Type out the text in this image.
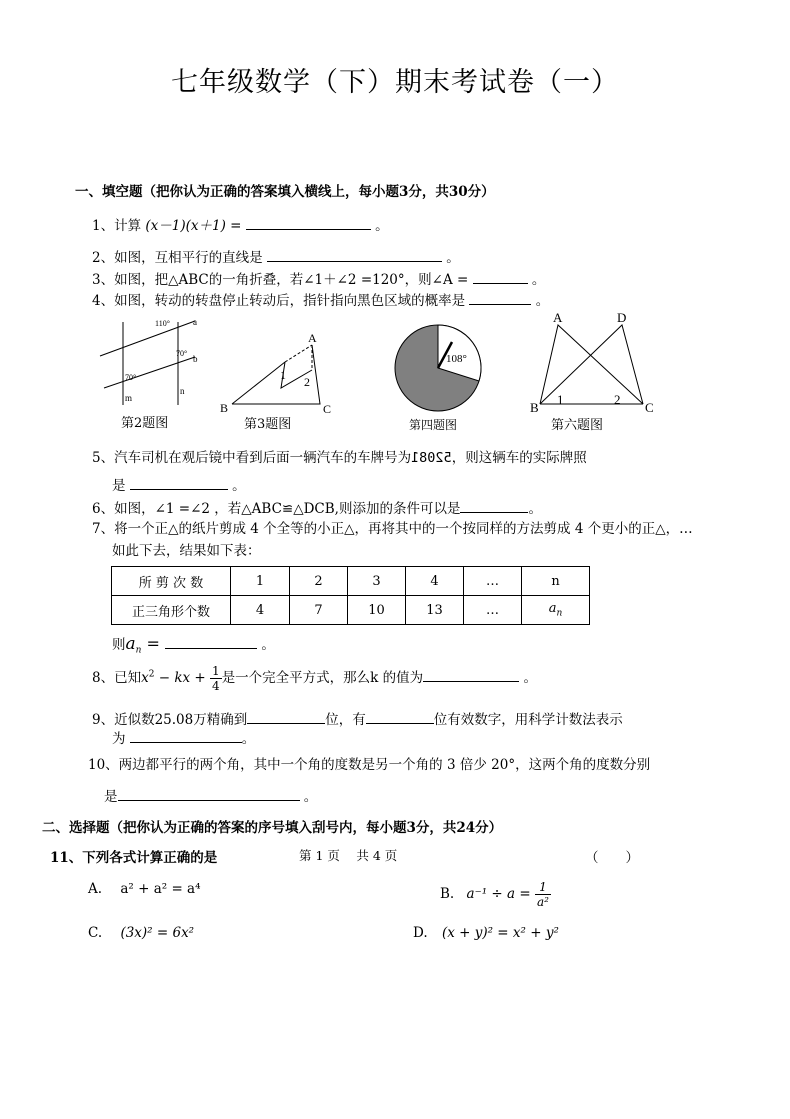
七年级数学（下）期末考试卷（一）
一、填空题（把你认为正确的答案填入横线上，每小题3分，共30分）
1、计算 (x－1)(x＋1) =	。
2、如图，互相平行的直线是	。
3、如图，把△ABC的一角折叠，若∠1＋∠2 =120°，则∠A =	。
4、如图，转动的转盘停止转动后，指针指向黑色区域的概率是	。
110°
70°
70°
a
b
m
n
A
B	C
1 2
108°
A	D
B	C
1	2
第2题图	第3题图	第四题图	第六题图
5、汽车司机在观后镜中看到后面一辆汽车的车牌号为52081，则这辆车的实际牌照
是	。
6、如图，∠1 =∠2 ，若△ABC≌△DCB,则添加的条件可以是	。
7、将一个正△的纸片剪成 4 个全等的小正△，再将其中的一个按同样的方法剪成 4 个更小的正△，…
如此下去，结果如下表：
所 剪 次 数	1	2	3	4	…	n
正三角形个数	4	7	10	13	…	$a_n$
则$a_n$ =	。
8、已知$x^2$ − kx + $\frac{1}{4}$ 是一个完全平方式，那么k 的值为	。
9、近似数25.08万精确到	位，有	位有效数字，用科学计数法表示
为	。
10、两边都平行的两个角，其中一个角的度数是另一个角的 3 倍少 20°，这两个角的度数分别
是	。
二、选择题（把你认为正确的答案的序号填入刮号内，每小题3分，共24分）
11、下列各式计算正确的是	第 1 页　 共 4 页	（　　）
A. a² + a² = a⁴	B. $a^{-1} \div a = \frac{1}{\text{a²}}$
C. (3x)² = 6x²	D. (x + y)² = x² + y²
